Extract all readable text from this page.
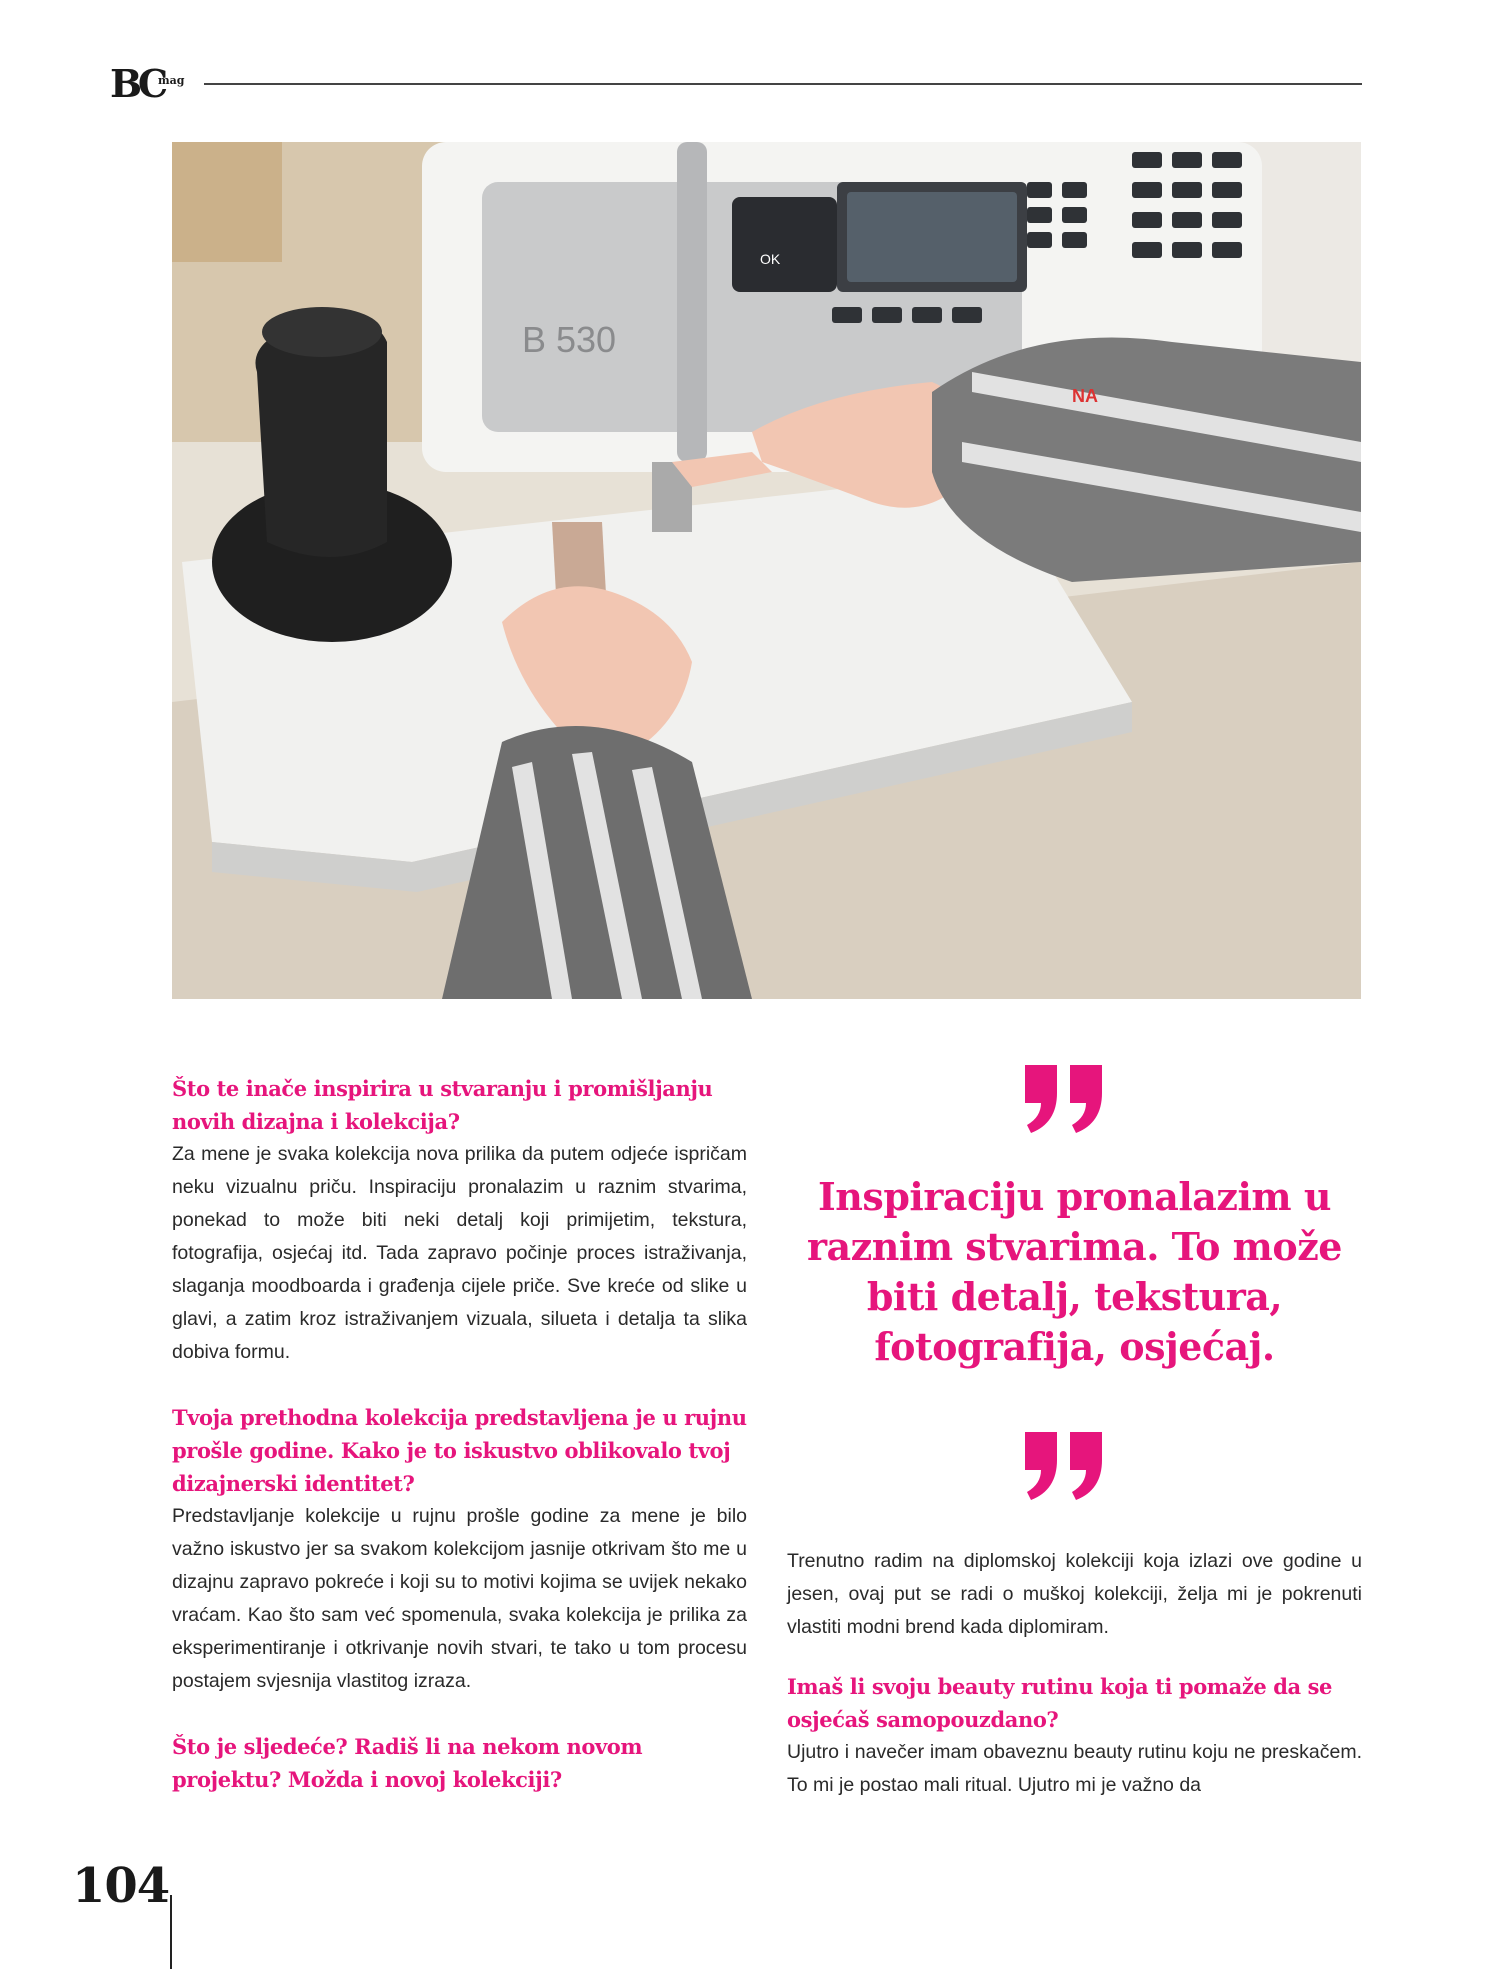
BC
mag
OK
B 530
NA

Što te inače inspirira u stvaranju i promišljanju novih dizajna i kolekcija?

Za mene je svaka kolekcija nova prilika da putem odjeće ispričam neku vizualnu priču. Inspiraciju pronalazim u raznim stvarima, ponekad to može biti neki detalj koji primijetim, tekstura, fotografija, osjećaj itd. Tada zapravo počinje proces istraživanja, slaganja moodboarda i građenja cijele priče. Sve kreće od slike u glavi, a zatim kroz istraživanjem vizuala, silueta i detalja ta slika dobiva formu.

Tvoja prethodna kolekcija predstavljena je u rujnu prošle godine. Kako je to iskustvo oblikovalo tvoj dizajnerski identitet?

Predstavljanje kolekcije u rujnu prošle godine za mene je bilo važno iskustvo jer sa svakom kolekcijom jasnije otkrivam što me u dizajnu zapravo pokreće i koji su to motivi kojima se uvijek nekako vraćam. Kao što sam već spomenula, svaka kolekcija je prilika za eksperimentiranje i otkrivanje novih stvari, te tako u tom procesu postajem svjesnija vlastitog izraza.

Što je sljedeće? Radiš li na nekom novom projektu? Možda i novoj kolekciji?

Inspiraciju pronalazim u raznim stvarima. To može biti detalj, tekstura, fotografija, osjećaj.

Trenutno radim na diplomskoj kolekciji koja izlazi ove godine u jesen, ovaj put se radi o muškoj kolekciji, želja mi je pokrenuti vlastiti modni brend kada diplomiram.

Imaš li svoju beauty rutinu koja ti pomaže da se osjećaš samopouzdano?

Ujutro i navečer imam obaveznu beauty rutinu koju ne preskačem. To mi je postao mali ritual. Ujutro mi je važno da

104
